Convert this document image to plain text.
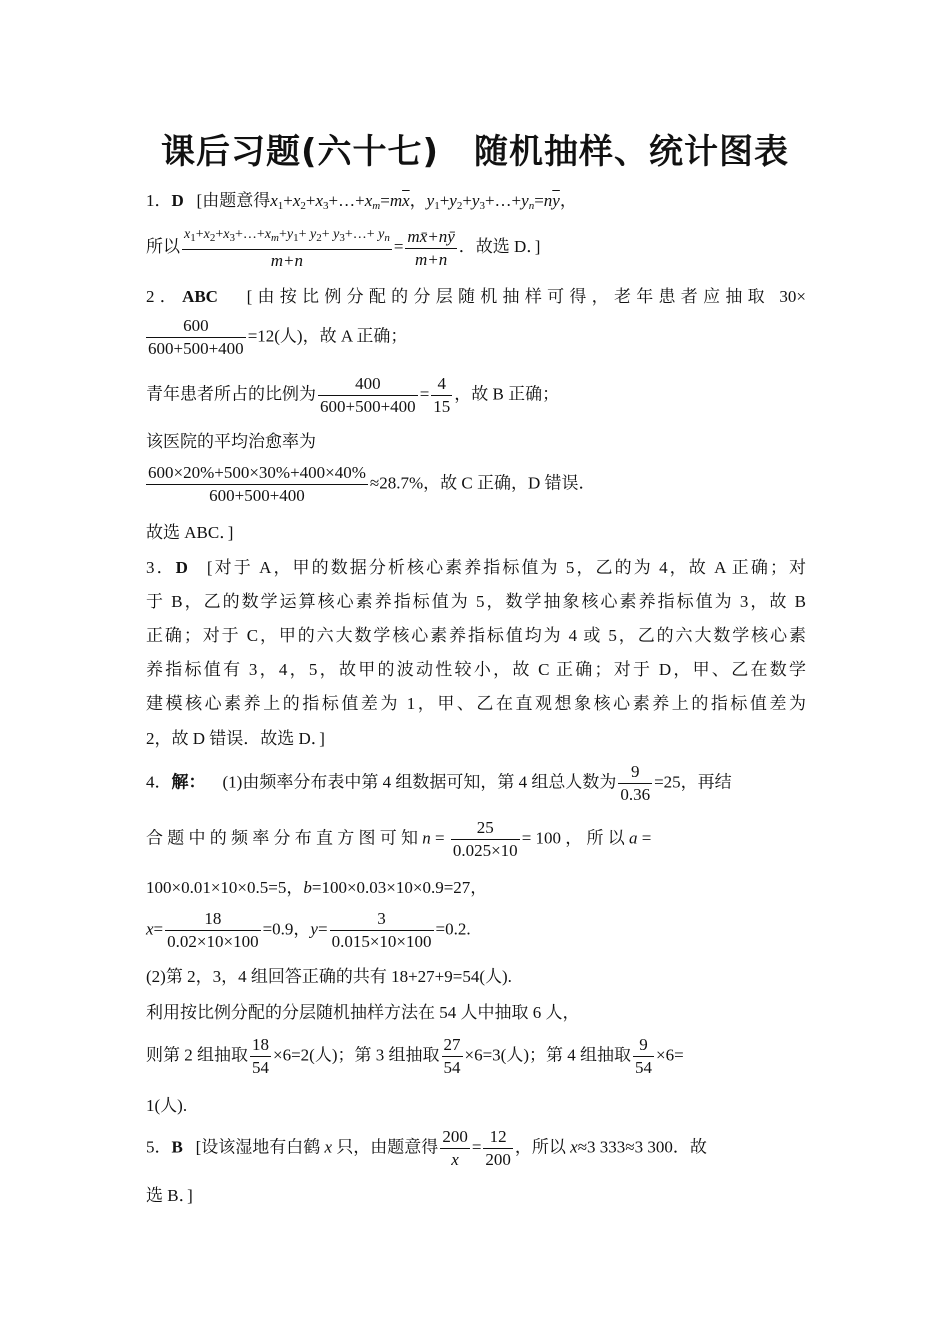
课后习题(六十七)　随机抽样、统计图表
1．D [由题意得$x_1+x_2+x_3+\dots+x_m=m\overline{x}$，$y_1+y_2+y_3+\dots+y_n=n\overline{y}$，
所以
$x_1+x_2+x_3+\dots+x_m+y_1+ y_2+$ $y_3+\dots+ y_n$
m+n
= $\frac{mx̄+nȳ}{m+n}$ ．故选 D．]
2．ABC [由按比例分配的分层随机抽样可得，老年患者应抽取 30×
$\frac{600}{600+500+400} =12$(人)，故 A 正确；
青年患者所占的比例为 $\frac{400}{600+500+400} = \frac{4}{15}$ ，故 B 正确；
该医院的平均治愈率为
$\frac{600\times 20\%+500\times 30\%+400\times 40\%}{600+500+400} \approx 28.7\%$，故 C 正确，D 错误．
故选 ABC．]
3．D [对于 A，甲的数据分析核心素养指标值为 5，乙的为 4，故 A 正确；对
于 B，乙的数学运算核心素养指标值为 5，数学抽象核心素养指标值为 3，故 B
正确；对于 C，甲的六大数学核心素养指标值均为 4 或 5，乙的六大数学核心素
养指标值有 3，4，5，故甲的波动性较小，故 C 正确；对于 D，甲、乙在数学
建模核心素养上的指标值差为 1，甲、乙在直观想象核心素养上的指标值差为
2，故 D 错误．故选 D．]
4．解： (1)由频率分布表中第 4 组数据可知，第 4 组总人数为 $\frac{9}{0.36} =25$，再结
合 题 中 的 频 率 分 布 直 方 图 可 知 $n = \frac{25}{0.025\times 10} = 100$ ， 所 以 a =
100×0.01×10×0.5=5，b=100×0.03×10×0.9=27，
$x= \frac{18}{0.02\times 10\times 100} =0.9$，$y= \frac{3}{0.015\times 10\times 100} =0.2$.
(2)第 2，3，4 组回答正确的共有 18+27+9=54(人).
利用按比例分配的分层随机抽样方法在 54 人中抽取 6 人，
则第 2 组抽取 $\frac{18}{54} \times 6=2$(人)；第 3 组抽取 $\frac{27}{54} \times 6=3$(人)；第 4 组抽取 $\frac{9}{54} \times 6=$
1(人).
5．B [设该湿地有白鹤 x 只，由题意得 $\frac{200}{x} = \frac{12}{200}$ ，所以 x≈3 333≈3 300．故
选 B．]
